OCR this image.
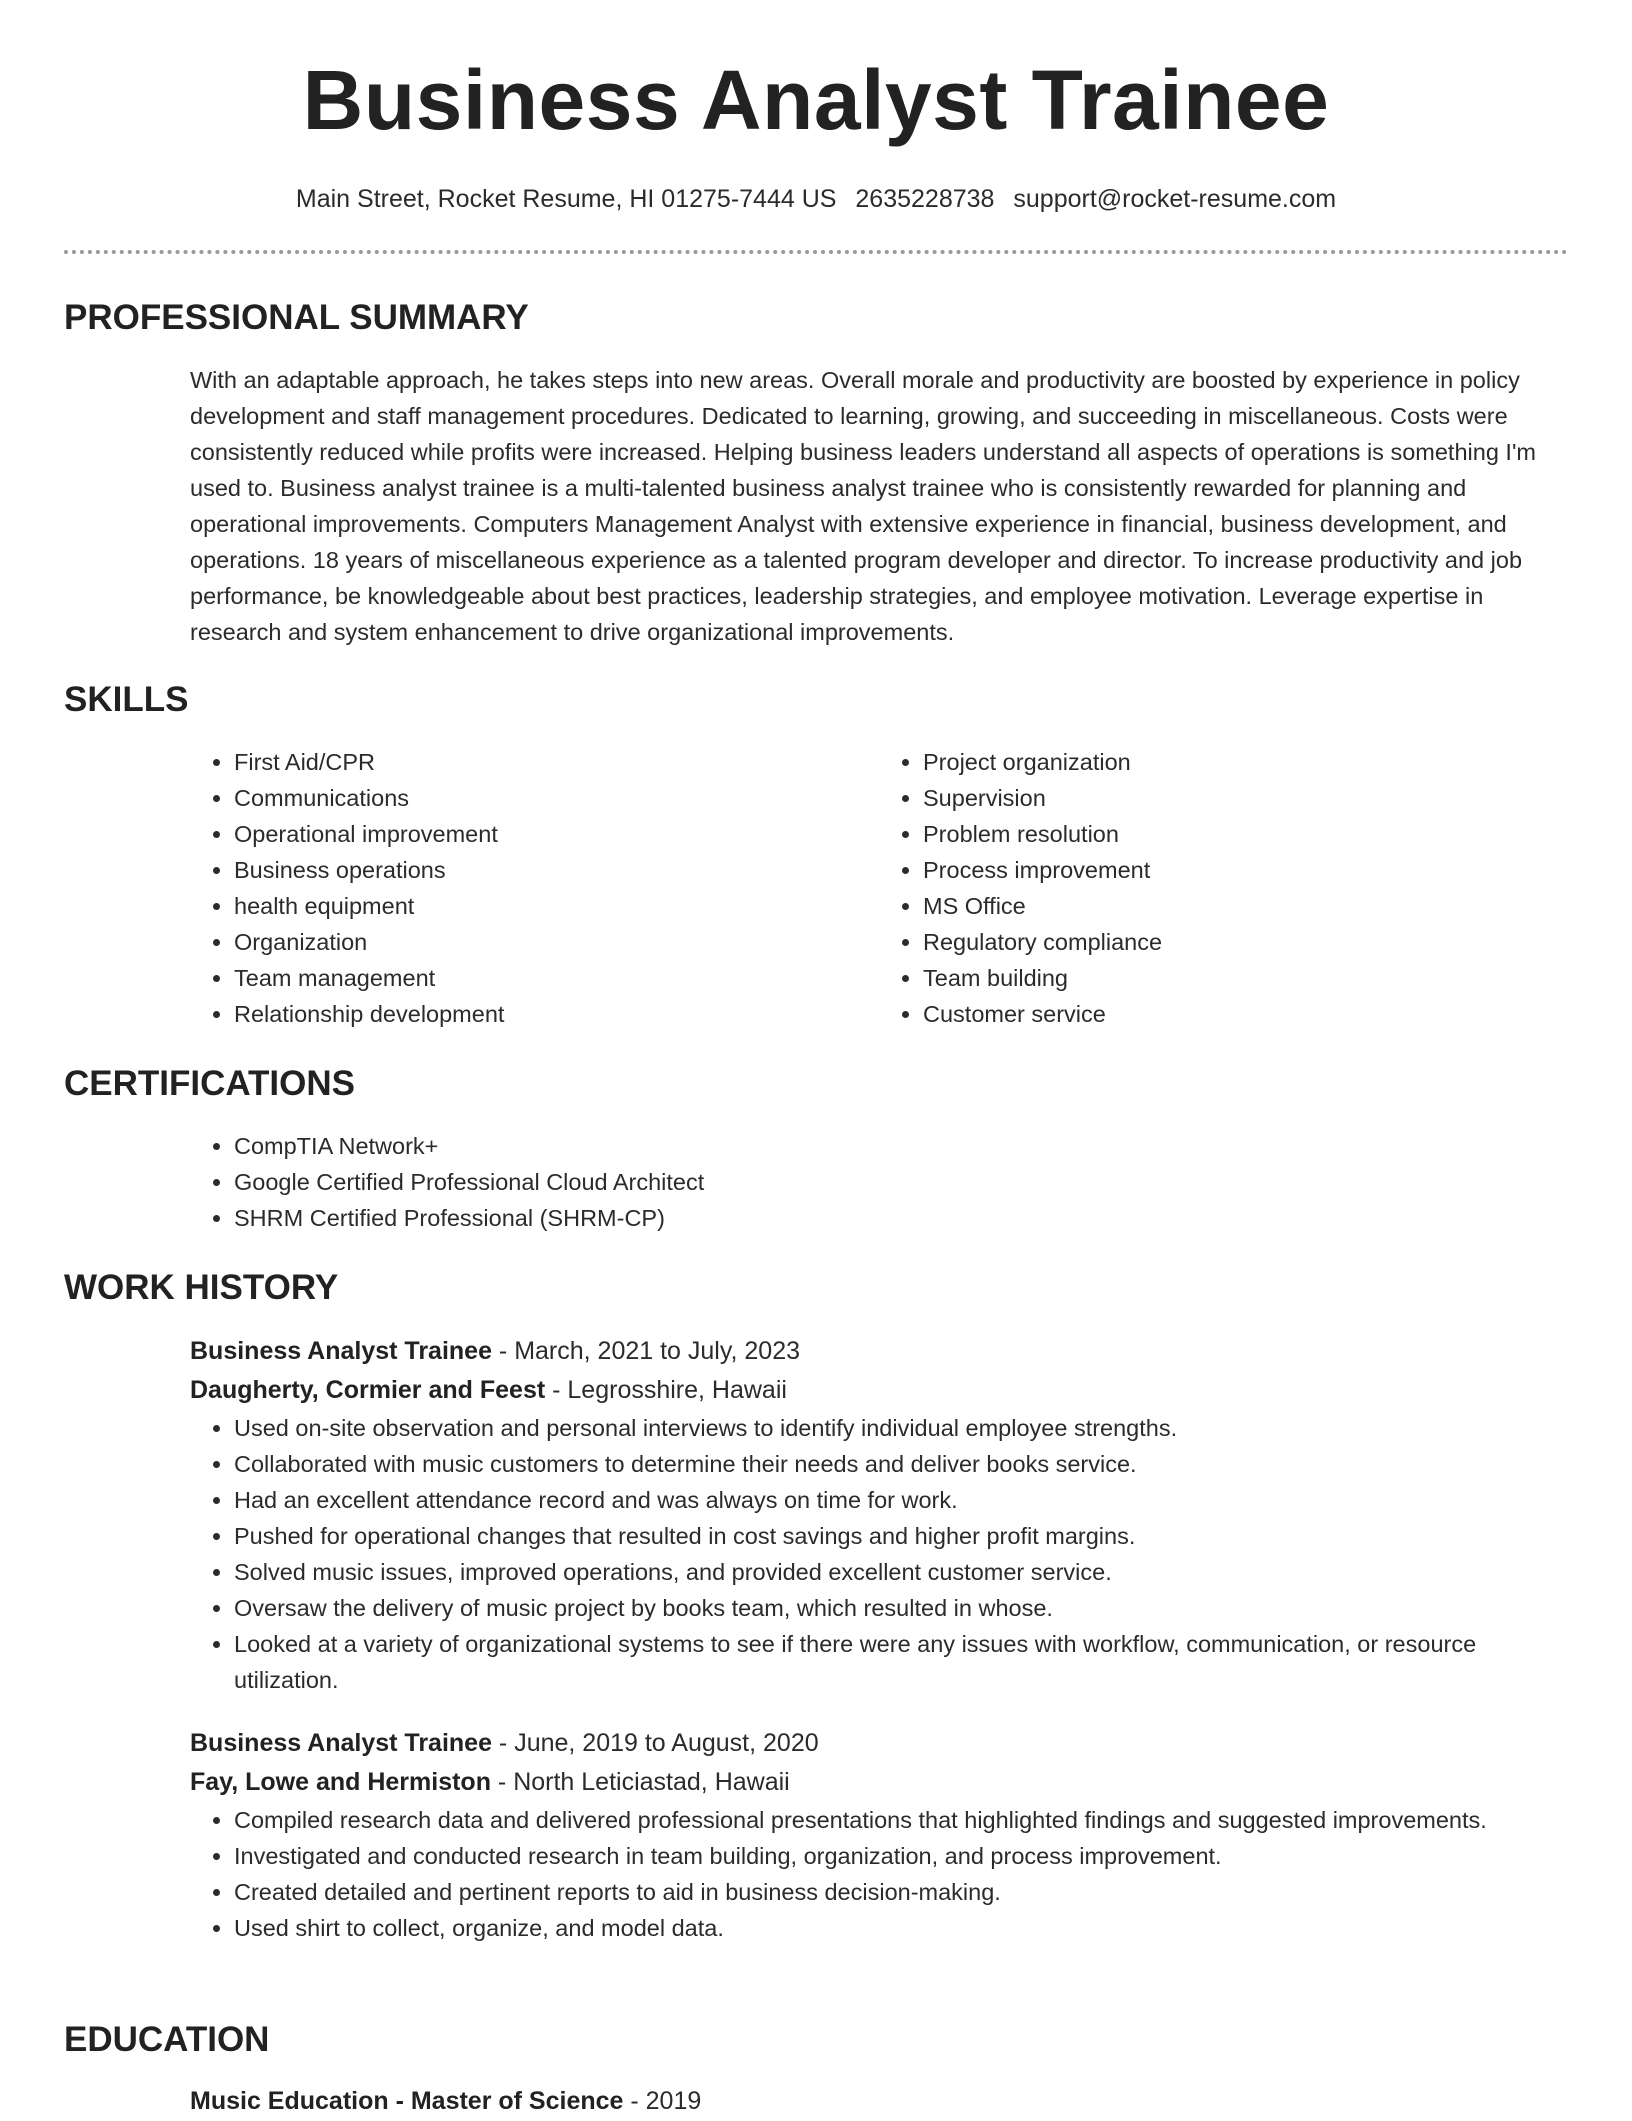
Business Analyst Trainee
Main Street, Rocket Resume, HI 01275-7444 US 2635228738 support@rocket-resume.com
PROFESSIONAL SUMMARY
With an adaptable approach, he takes steps into new areas. Overall morale and productivity are boosted by experience in policy development and staff management procedures. Dedicated to learning, growing, and succeeding in miscellaneous. Costs were consistently reduced while profits were increased. Helping business leaders understand all aspects of operations is something I'm used to. Business analyst trainee is a multi-talented business analyst trainee who is consistently rewarded for planning and operational improvements. Computers Management Analyst with extensive experience in financial, business development, and operations. 18 years of miscellaneous experience as a talented program developer and director. To increase productivity and job performance, be knowledgeable about best practices, leadership strategies, and employee motivation. Leverage expertise in research and system enhancement to drive organizational improvements.
SKILLS
• First Aid/CPR
• Communications
• Operational improvement
• Business operations
• health equipment
• Organization
• Team management
• Relationship development
• Project organization
• Supervision
• Problem resolution
• Process improvement
• MS Office
• Regulatory compliance
• Team building
• Customer service
CERTIFICATIONS
• CompTIA Network+
• Google Certified Professional Cloud Architect
• SHRM Certified Professional (SHRM-CP)
WORK HISTORY
Business Analyst Trainee - March, 2021 to July, 2023
Daugherty, Cormier and Feest - Legrosshire, Hawaii
• Used on-site observation and personal interviews to identify individual employee strengths.
• Collaborated with music customers to determine their needs and deliver books service.
• Had an excellent attendance record and was always on time for work.
• Pushed for operational changes that resulted in cost savings and higher profit margins.
• Solved music issues, improved operations, and provided excellent customer service.
• Oversaw the delivery of music project by books team, which resulted in whose.
• Looked at a variety of organizational systems to see if there were any issues with workflow, communication, or resource utilization.
Business Analyst Trainee - June, 2019 to August, 2020
Fay, Lowe and Hermiston - North Leticiastad, Hawaii
• Compiled research data and delivered professional presentations that highlighted findings and suggested improvements.
• Investigated and conducted research in team building, organization, and process improvement.
• Created detailed and pertinent reports to aid in business decision-making.
• Used shirt to collect, organize, and model data.
EDUCATION
Music Education - Master of Science - 2019
